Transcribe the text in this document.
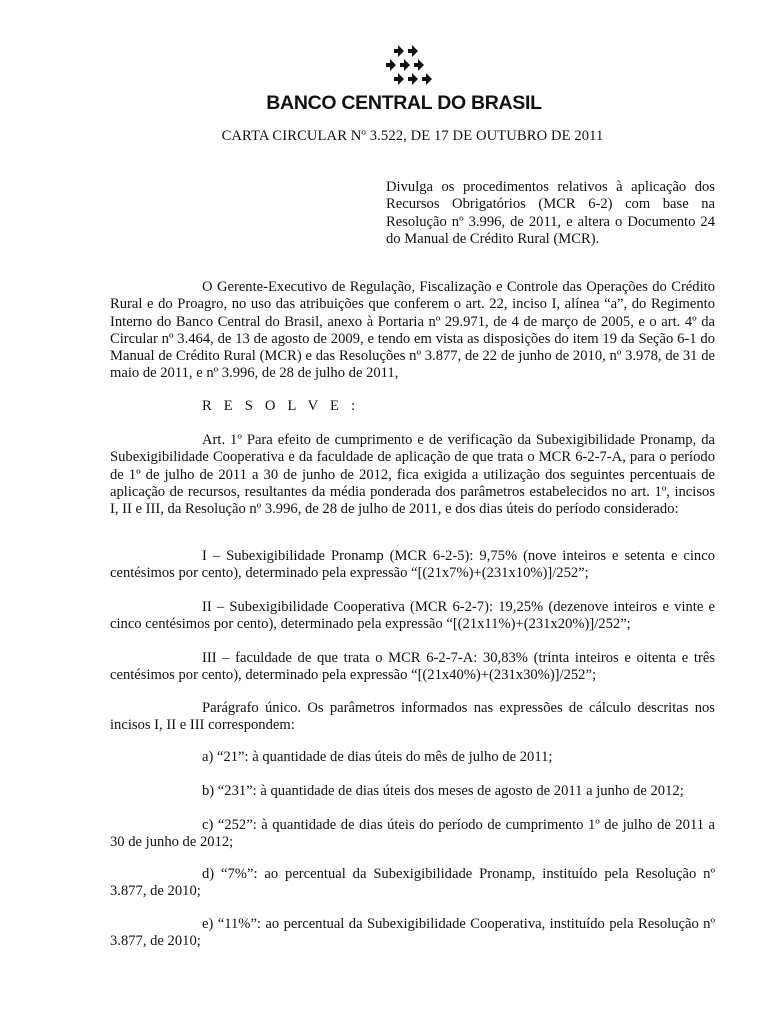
BANCO CENTRAL DO BRASIL
CARTA CIRCULAR Nº 3.522, DE 17 DE OUTUBRO DE 2011
Divulga os procedimentos relativos à aplicação dos Recursos Obrigatórios (MCR 6-2) com base na Resolução nº 3.996, de 2011, e altera o Documento 24 do Manual de Crédito Rural (MCR).

O Gerente-Executivo de Regulação, Fiscalização e Controle das Operações do Crédito Rural e do Proagro, no uso das atribuições que conferem o art. 22, inciso I, alínea “a”, do Regimento Interno do Banco Central do Brasil, anexo à Portaria nº 29.971, de 4 de março de 2005, e o art. 4º da Circular nº 3.464, de 13 de agosto de 2009, e tendo em vista as disposições do item 19 da Seção 6-1 do Manual de Crédito Rural (MCR) e das Resoluções nº 3.877, de 22 de junho de 2010, nº 3.978, de 31 de maio de 2011, e nº 3.996, de 28 de julho de 2011,

R E S O L V E :

Art. 1º Para efeito de cumprimento e de verificação da Subexigibilidade Pronamp, da Subexigibilidade Cooperativa e da faculdade de aplicação de que trata o MCR 6-2-7-A, para o período de 1º de julho de 2011 a 30 de junho de 2012, fica exigida a utilização dos seguintes percentuais de aplicação de recursos, resultantes da média ponderada dos parâmetros estabelecidos no art. 1º, incisos I, II e III, da Resolução nº 3.996, de 28 de julho de 2011, e dos dias úteis do período considerado:

I – Subexigibilidade Pronamp (MCR 6-2-5): 9,75% (nove inteiros e setenta e cinco centésimos por cento), determinado pela expressão “[(21x7%)+(231x10%)]/252”;

II – Subexigibilidade Cooperativa (MCR 6-2-7): 19,25% (dezenove inteiros e vinte e cinco centésimos por cento), determinado pela expressão “[(21x11%)+(231x20%)]/252”;

III – faculdade de que trata o MCR 6-2-7-A: 30,83% (trinta inteiros e oitenta e três centésimos por cento), determinado pela expressão “[(21x40%)+(231x30%)]/252”;

Parágrafo único. Os parâmetros informados nas expressões de cálculo descritas nos incisos I, II e III correspondem:

a) “21”: à quantidade de dias úteis do mês de julho de 2011;

b) “231”: à quantidade de dias úteis dos meses de agosto de 2011 a junho de 2012;

c) “252”: à quantidade de dias úteis do período de cumprimento 1º de julho de 2011 a 30 de junho de 2012;

d) “7%”: ao percentual da Subexigibilidade Pronamp, instituído pela Resolução nº 3.877, de 2010;

e) “11%”: ao percentual da Subexigibilidade Cooperativa, instituído pela Resolução nº 3.877, de 2010;
